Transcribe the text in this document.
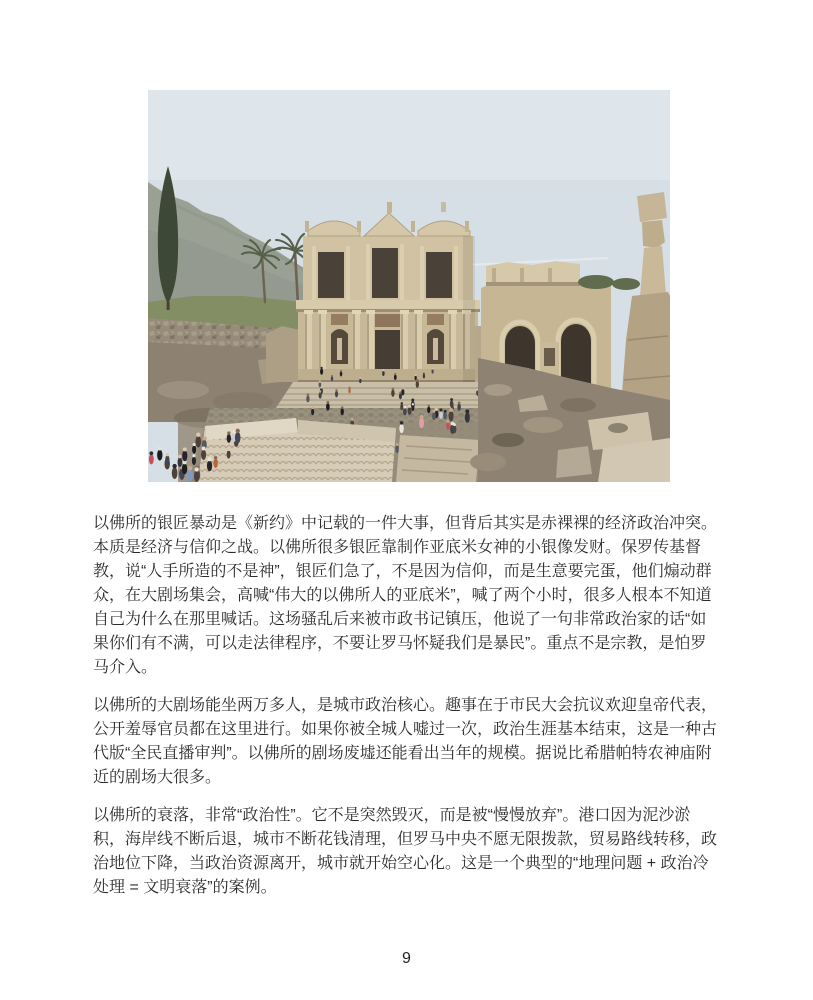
以佛所的银匠暴动是《新约》中记载的一件大事，但背后其实是赤裸裸的经济政治冲突。本质是经济与信仰之战。以佛所很多银匠靠制作亚底米女神的小银像发财。保罗传基督教，说“人手所造的不是神”，银匠们急了，不是因为信仰，而是生意要完蛋，他们煽动群众，在大剧场集会，高喊“伟大的以佛所人的亚底米”，喊了两个小时，很多人根本不知道自己为什么在那里喊话。这场骚乱后来被市政书记镇压，他说了一句非常政治家的话“如果你们有不满，可以走法律程序，不要让罗马怀疑我们是暴民”。重点不是宗教，是怕罗马介入。

以佛所的大剧场能坐两万多人，是城市政治核心。趣事在于市民大会抗议欢迎皇帝代表，公开羞辱官员都在这里进行。如果你被全城人嘘过一次，政治生涯基本结束，这是一种古代版“全民直播审判”。以佛所的剧场废墟还能看出当年的规模。据说比希腊帕特农神庙附近的剧场大很多。

以佛所的衰落，非常“政治性”。它不是突然毁灭，而是被“慢慢放弃”。港口因为泥沙淤积，海岸线不断后退，城市不断花钱清理，但罗马中央不愿无限拨款，贸易路线转移，政治地位下降，当政治资源离开，城市就开始空心化。这是一个典型的“地理问题 + 政治冷处理 = 文明衰落”的案例。

9
